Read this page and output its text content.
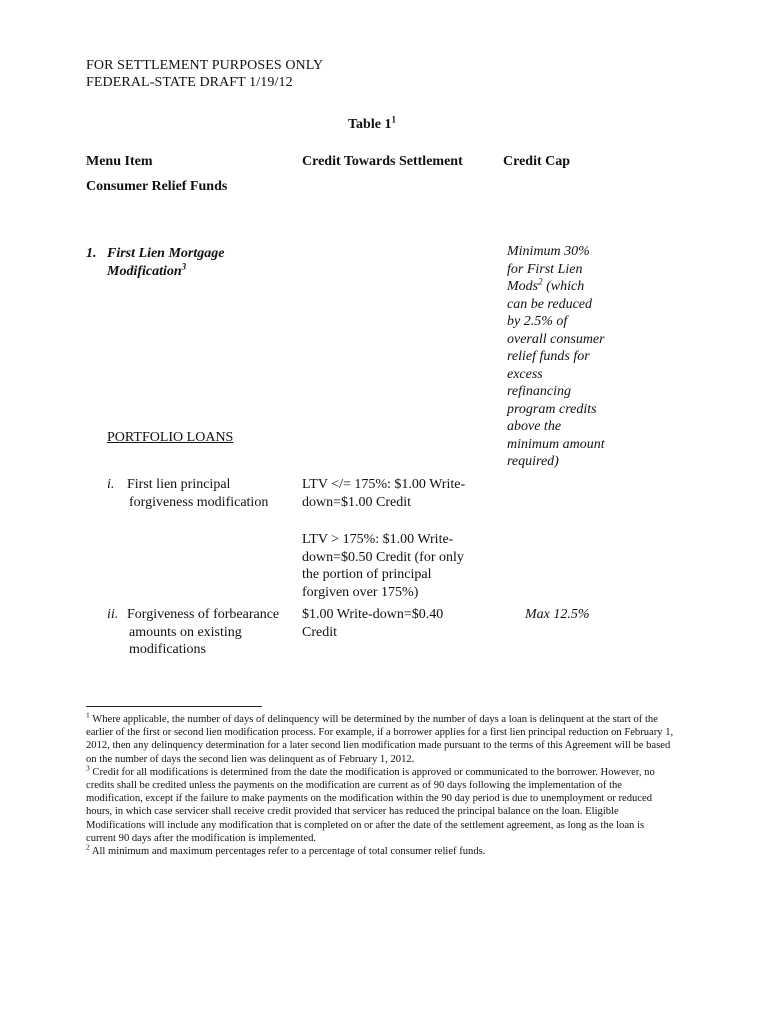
FOR SETTLEMENT PURPOSES ONLY
FEDERAL-STATE DRAFT 1/19/12
Table $1^1$
Menu Item	Credit Towards Settlement	Credit Cap
Consumer Relief Funds
1. First Lien Mortgage
Modification$^3$
Minimum 30%
for First Lien
Mods$^2$ (which
can be reduced
by 2.5% of
overall consumer
relief funds for
excess
refinancing
program credits
above the
minimum amount
required)
PORTFOLIO LOANS
i. First lien principal
forgiveness modification
LTV </= 175%: $1.00 Write-
down=$1.00 Credit
LTV > 175%: $1.00 Write-
down=$0.50 Credit (for only
the portion of principal
forgiven over 175%)
ii. Forgiveness of forbearance
amounts on existing
modifications
$1.00 Write-down=$0.40
Credit
Max 12.5%
$^1$ Where applicable, the number of days of delinquency will be determined by the number of days a loan is delinquent at the start of the earlier of the first or second lien modification process. For example, if a borrower applies for a first lien principal reduction on February 1, 2012, then any delinquency determination for a later second lien modification made pursuant to the terms of this Agreement will be based on the number of days the second lien was delinquent as of February 1, 2012.
$^3$ Credit for all modifications is determined from the date the modification is approved or communicated to the borrower. However, no credits shall be credited unless the payments on the modification are current as of 90 days following the implementation of the modification, except if the failure to make payments on the modification within the 90 day period is due to unemployment or reduced hours, in which case servicer shall receive credit provided that servicer has reduced the principal balance on the loan. Eligible Modifications will include any modification that is completed on or after the date of the settlement agreement, as long as the loan is current 90 days after the modification is implemented.
$^2$ All minimum and maximum percentages refer to a percentage of total consumer relief funds.
